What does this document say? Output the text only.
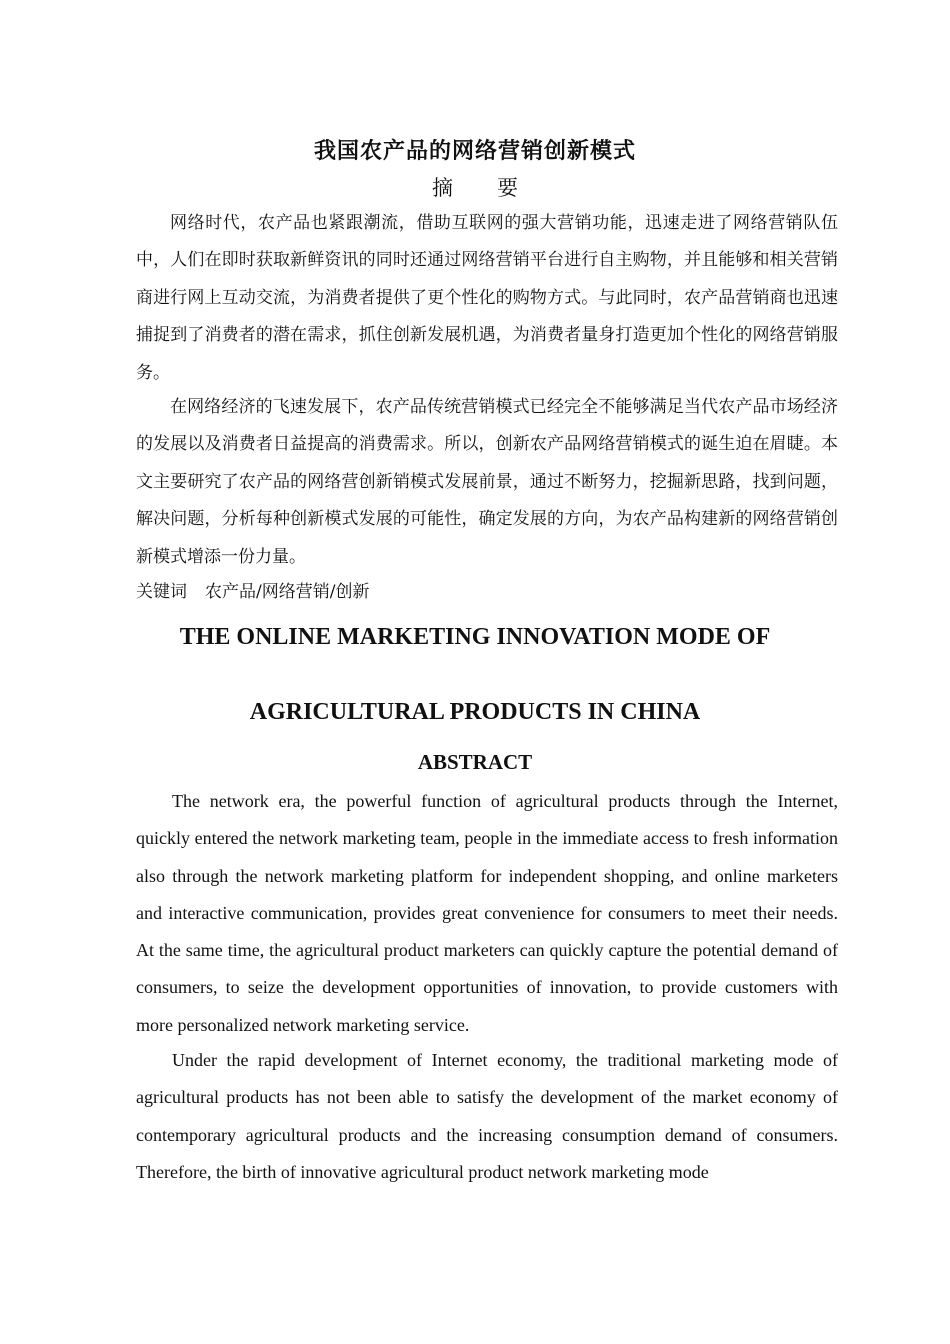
我国农产品的网络营销创新模式
摘 要

网络时代，农产品也紧跟潮流，借助互联网的强大营销功能，迅速走进了网络营销队伍中，人们在即时获取新鲜资讯的同时还通过网络营销平台进行自主购物，并且能够和相关营销商进行网上互动交流，为消费者提供了更个性化的购物方式。与此同时，农产品营销商也迅速捕捉到了消费者的潜在需求，抓住创新发展机遇，为消费者量身打造更加个性化的网络营销服务。

在网络经济的飞速发展下，农产品传统营销模式已经完全不能够满足当代农产品市场经济的发展以及消费者日益提高的消费需求。所以，创新农产品网络营销模式的诞生迫在眉睫。本文主要研究了农产品的网络营创新销模式发展前景，通过不断努力，挖掘新思路，找到问题，解决问题，分析每种创新模式发展的可能性，确定发展的方向，为农产品构建新的网络营销创新模式增添一份力量。

关键词 农产品/网络营销/创新
THE ONLINE MARKETING INNOVATION MODE OF
AGRICULTURAL PRODUCTS IN CHINA
ABSTRACT

The network era, the powerful function of agricultural products through the Internet, quickly entered the network marketing team, people in the immediate access to fresh information also through the network marketing platform for independent shopping, and online marketers and interactive communication, provides great convenience for consumers to meet their needs. At the same time, the agricultural product marketers can quickly capture the potential demand of consumers, to seize the development opportunities of innovation, to provide customers with more personalized network marketing service.

Under the rapid development of Internet economy, the traditional marketing mode of agricultural products has not been able to satisfy the development of the market economy of contemporary agricultural products and the increasing consumption demand of consumers. Therefore, the birth of innovative agricultural product network marketing mode
